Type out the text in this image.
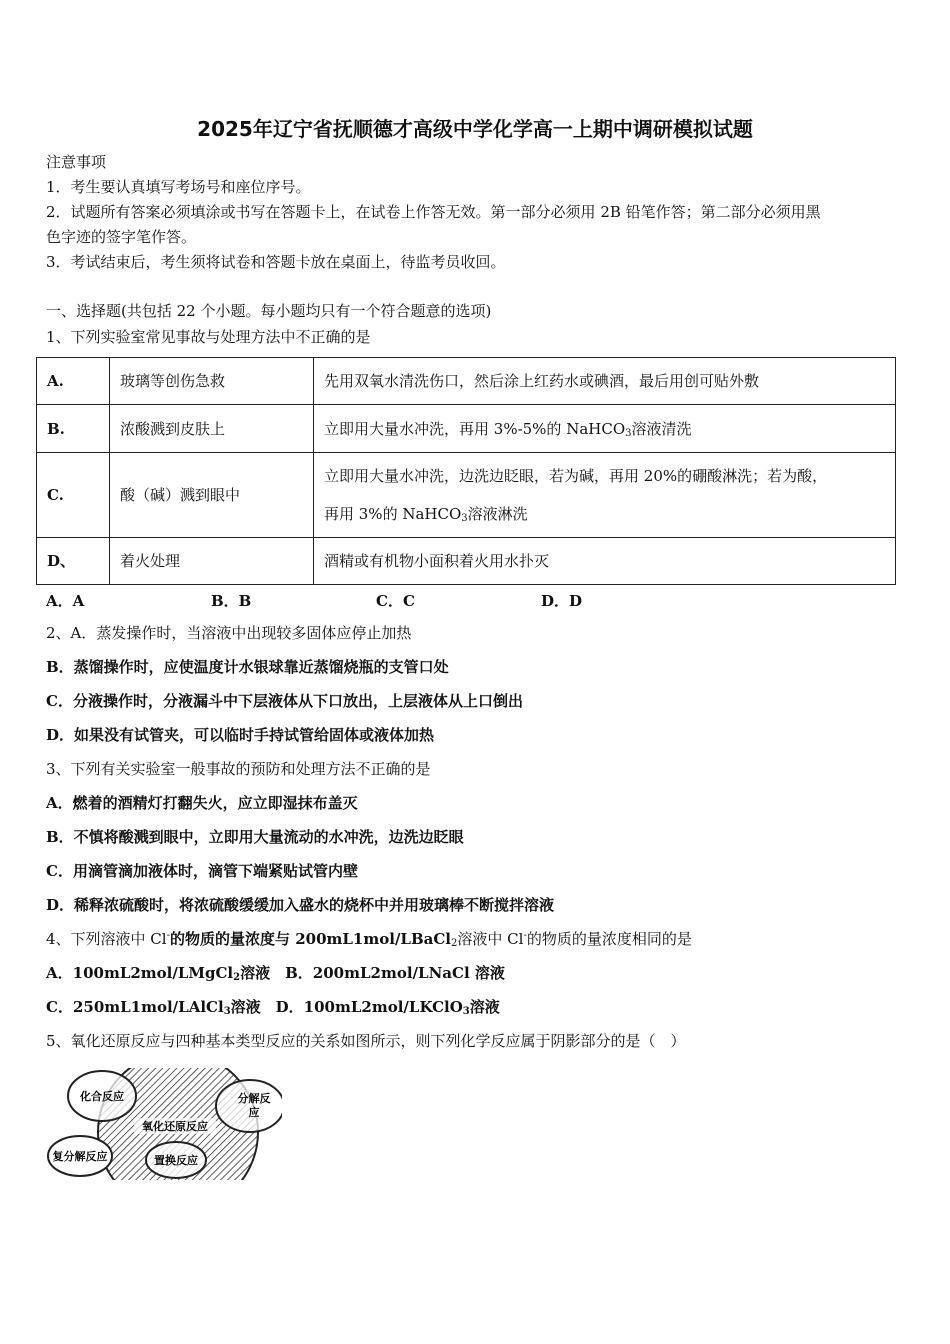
2025年辽宁省抚顺德才高级中学化学高一上期中调研模拟试题
注意事项
1．考生要认真填写考场号和座位序号。
2．试题所有答案必须填涂或书写在答题卡上，在试卷上作答无效。第一部分必须用 2B 铅笔作答；第二部分必须用黑
色字迹的签字笔作答。
3．考试结束后，考生须将试卷和答题卡放在桌面上，待监考员收回。
一、选择题(共包括 22 个小题。每小题均只有一个符合题意的选项)
1、下列实验室常见事故与处理方法中不正确的是
A.	玻璃等创伤急救	先用双氧水清洗伤口，然后涂上红药水或碘酒，最后用创可贴外敷
B.	浓酸溅到皮肤上	立即用大量水冲洗，再用 3%-5%的 NaHCO$_3$溶液清洗
C.	酸（碱）溅到眼中	立即用大量水冲洗，边洗边眨眼，若为碱，再用 20%的硼酸淋洗；若为酸，
再用 3%的 NaHCO$_3$溶液淋洗

D、	着火处理	酒精或有机物小面积着火用水扑灭
A．A	B．B	C．C	D．D
2、A．蒸发操作时，当溶液中出现较多固体应停止加热
B．蒸馏操作时，应使温度计水银球靠近蒸馏烧瓶的支管口处
C．分液操作时，分液漏斗中下层液体从下口放出，上层液体从上口倒出
D．如果没有试管夹，可以临时手持试管给固体或液体加热
3、下列有关实验室一般事故的预防和处理方法不正确的是
A．燃着的酒精灯打翻失火，应立即湿抹布盖灭
B．不慎将酸溅到眼中，立即用大量流动的水冲洗，边洗边眨眼
C．用滴管滴加液体时，滴管下端紧贴试管内壁
D．稀释浓硫酸时，将浓硫酸缓缓加入盛水的烧杯中并用玻璃棒不断搅拌溶液
4、下列溶液中 Cl-的物质的量浓度与 200mL1mol/LBaCl$_2$溶液中 Cl-的物质的量浓度相同的是
A．100mL2mol/LMgCl$_2$溶液  B．200mL2mol/LNaCl 溶液
C．250mL1mol/LAlCl$_3$溶液  D．100mL2mol/LKClO$_3$溶液
5、氧化还原反应与四种基本类型反应的关系如图所示，则下列化学反应属于阴影部分的是（　）
氧化还原反应
化合反应	分解反
应
复分解反应	置换反应
